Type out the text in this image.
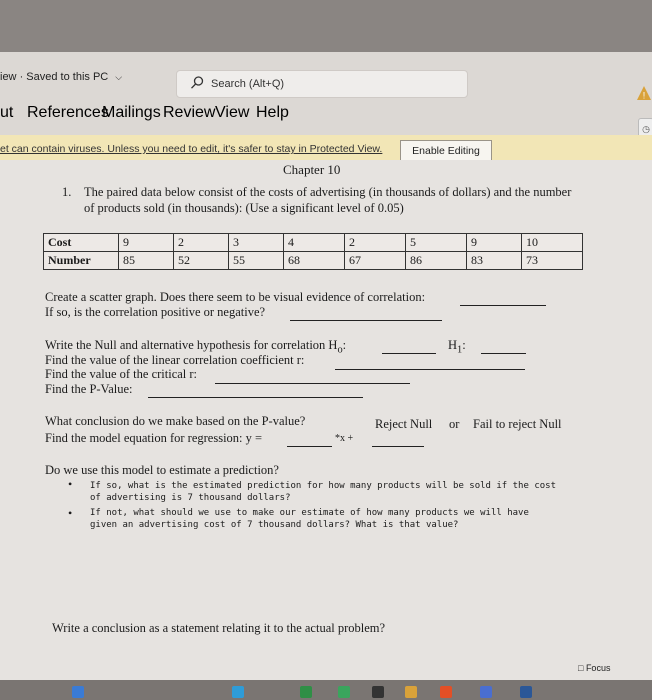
iew · Saved to this PC ⌵
Search (Alt+Q)
!
ut References
Mailings Review View Help
◷
et can contain viruses. Unless you need to edit, it's safer to stay in Protected View.	Enable Editing
Chapter 10
1. The paired data below consist of the costs of advertising (in thousands of dollars) and the number of products sold (in thousands): (Use a significant level of 0.05)
Cost	9	2	3	4	2	5	9	10
Number	85	52	55	68	67	86	83	73
Create a scatter graph. Does there seem to be visual evidence of correlation:
If so, is the correlation positive or negative?
Write the Null and alternative hypothesis for correlation $H_o$:	$H_1$:
Find the value of the linear correlation coefficient r:
Find the value of the critical r:
Find the P-Value:
What conclusion do we make based on the P-value?	Reject Null or Fail to reject Null
Find the model equation for regression: y =	*x +
Do we use this model to estimate a prediction?
• If so, what is the estimated prediction for how many products will be sold if the cost of advertising is 7 thousand dollars?
• If not, what should we use to make our estimate of how many products we will have given an advertising cost of 7 thousand dollars? What is that value?
Write a conclusion as a statement relating it to the actual problem?
□ Focus
